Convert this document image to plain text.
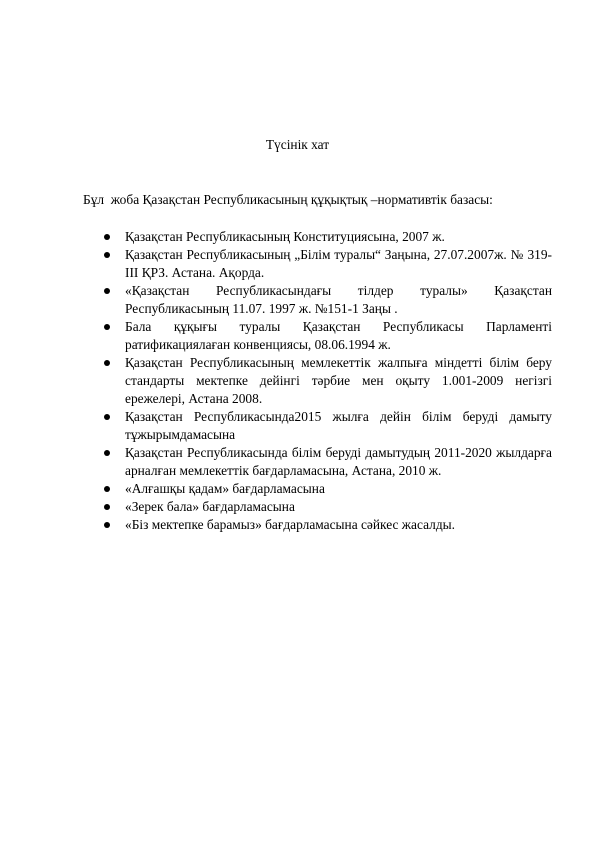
Түсінік хат

Бұл  жоба Қазақстан Республикасының құқықтық –нормативтік базасы:

Қазақстан Республикасының Конституциясына, 2007 ж.
Қазақстан Республикасының „Білім туралы“ Заңына, 27.07.2007ж. № 319-ІІІ ҚРЗ. Астана. Ақорда.
«Қазақстан Республикасындағы тілдер туралы» Қазақстан Республикасының 11.07. 1997 ж. №151-1 Заңы .
Бала құқығы туралы Қазақстан Республикасы Парламенті ратификациялаған конвенциясы, 08.06.1994 ж.
Қазақстан Республикасының мемлекеттік жалпыға міндетті білім беру стандарты мектепке дейінгі тәрбие мен оқыту 1.001-2009 негізгі ережелері, Астана 2008.
Қазақстан Республикасында2015 жылға дейін білім беруді дамыту тұжырымдамасына
Қазақстан Республикасында білім беруді дамытудың 2011-2020 жылдарға арналған мемлекеттік бағдарламасына, Астана, 2010 ж.
«Алғашқы қадам» бағдарламасына
«Зерек бала» бағдарламасына
«Біз мектепке барамыз» бағдарламасына сәйкес жасалды.
